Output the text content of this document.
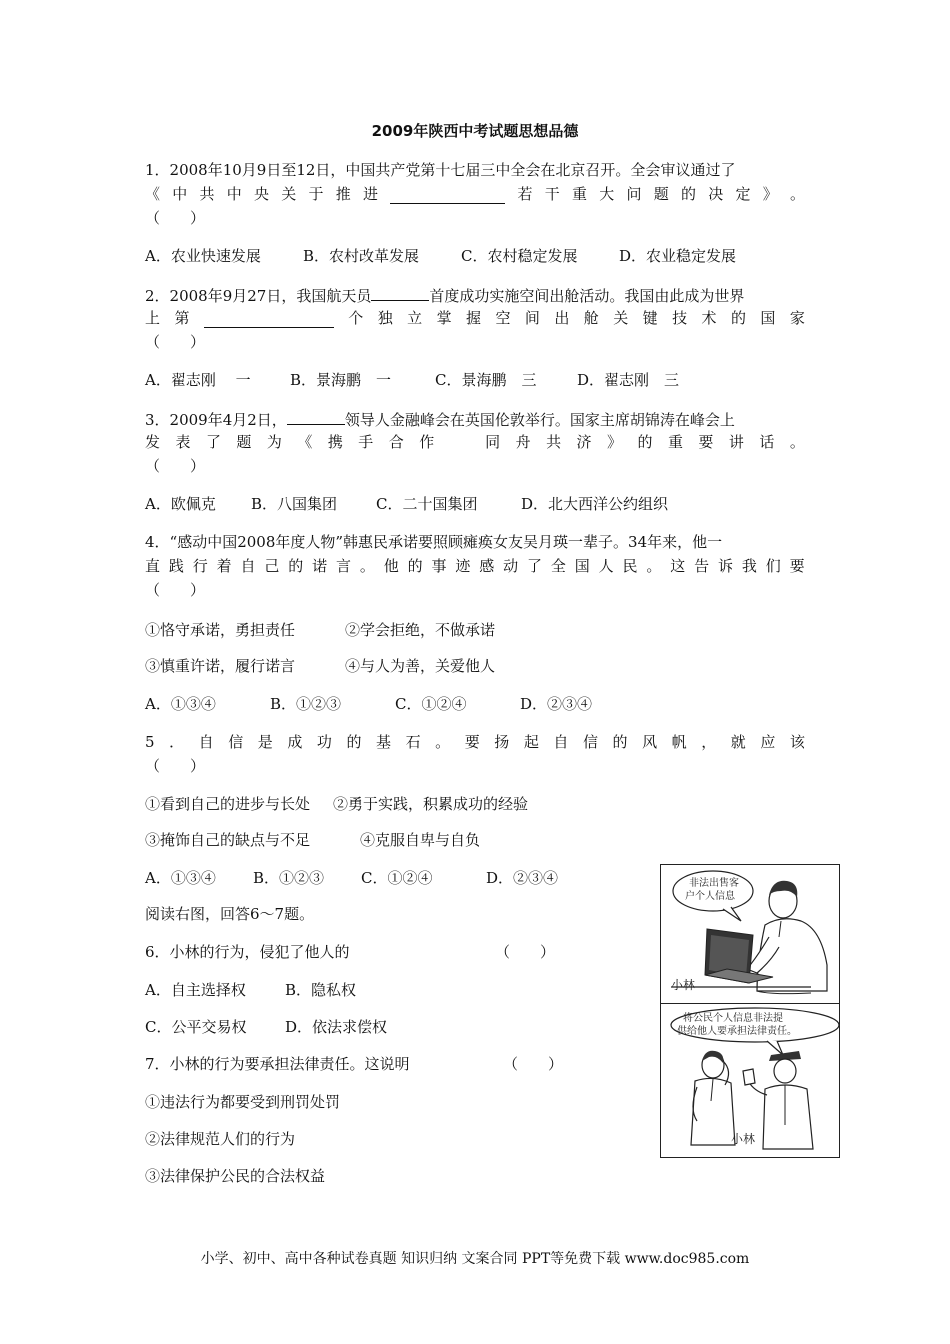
2009年陕西中考试题思想品德
1．2008年10月9日至12日，中国共产党第十七届三中全会在北京召开。全会审议通过了
《 中 共 中 央 关 于 推 进	若 干 重 大 问 题 的 决 定 》 。
（　　）
A．农业快速发展	B．农村改革发展	C．农村稳定发展	D．农业稳定发展
2．2008年9月27日，我国航天员	首度成功实施空间出舱活动。我国由此成为世界
上 第	个 独 立 掌 握 空 间 出 舱 关 键 技 术 的 国 家
（　　）
A．翟志刚　 一	B．景海鹏　一	C．景海鹏　三	D．翟志刚　三
3．2009年4月2日，	领导人金融峰会在英国伦敦举行。国家主席胡锦涛在峰会上
发 表 了 题 为 《 携 手 合 作	同 舟 共 济 》 的 重 要 讲 话 。
（　　）
A．欧佩克 B．八国集团	C．二十国集团	D．北大西洋公约组织
4．“感动中国2008年度人物”韩惠民承诺要照顾瘫痪女友吴月瑛一辈子。34年来，他一
直 践 行 着 自 己 的 诺 言 。 他 的 事 迹 感 动 了 全 国 人 民 。 这 告 诉 我 们 要
（　　）
①恪守承诺，勇担责任	②学会拒绝，不做承诺
③慎重许诺，履行诺言	④与人为善，关爱他人
A．①③④	B．①②③	C．①②④	D．②③④
5 ． 自 信 是 成 功 的 基 石 。 要 扬 起 自 信 的 风 帆 ， 就 应 该
（　　）
①看到自己的进步与长处 ②勇于实践，积累成功的经验
③掩饰自己的缺点与不足	④克服自卑与自负
A．①③④ B．①②③ C．①②④	D．②③④
阅读右图，回答6～7题。
6．小林的行为，侵犯了他人的	（　　）
A．自主选择权	B．隐私权
C．公平交易权	D．依法求偿权
7．小林的行为要承担法律责任。这说明	（　　）
①违法行为都要受到刑罚处罚
②法律规范人们的行为
③法律保护公民的合法权益
非法出售客
户个人信息
小林
将公民个人信息非法提
供给他人要承担法律责任。
小林
小学、初中、高中各种试卷真题 知识归纳 文案合同 PPT等免费下载 www.doc985.com
